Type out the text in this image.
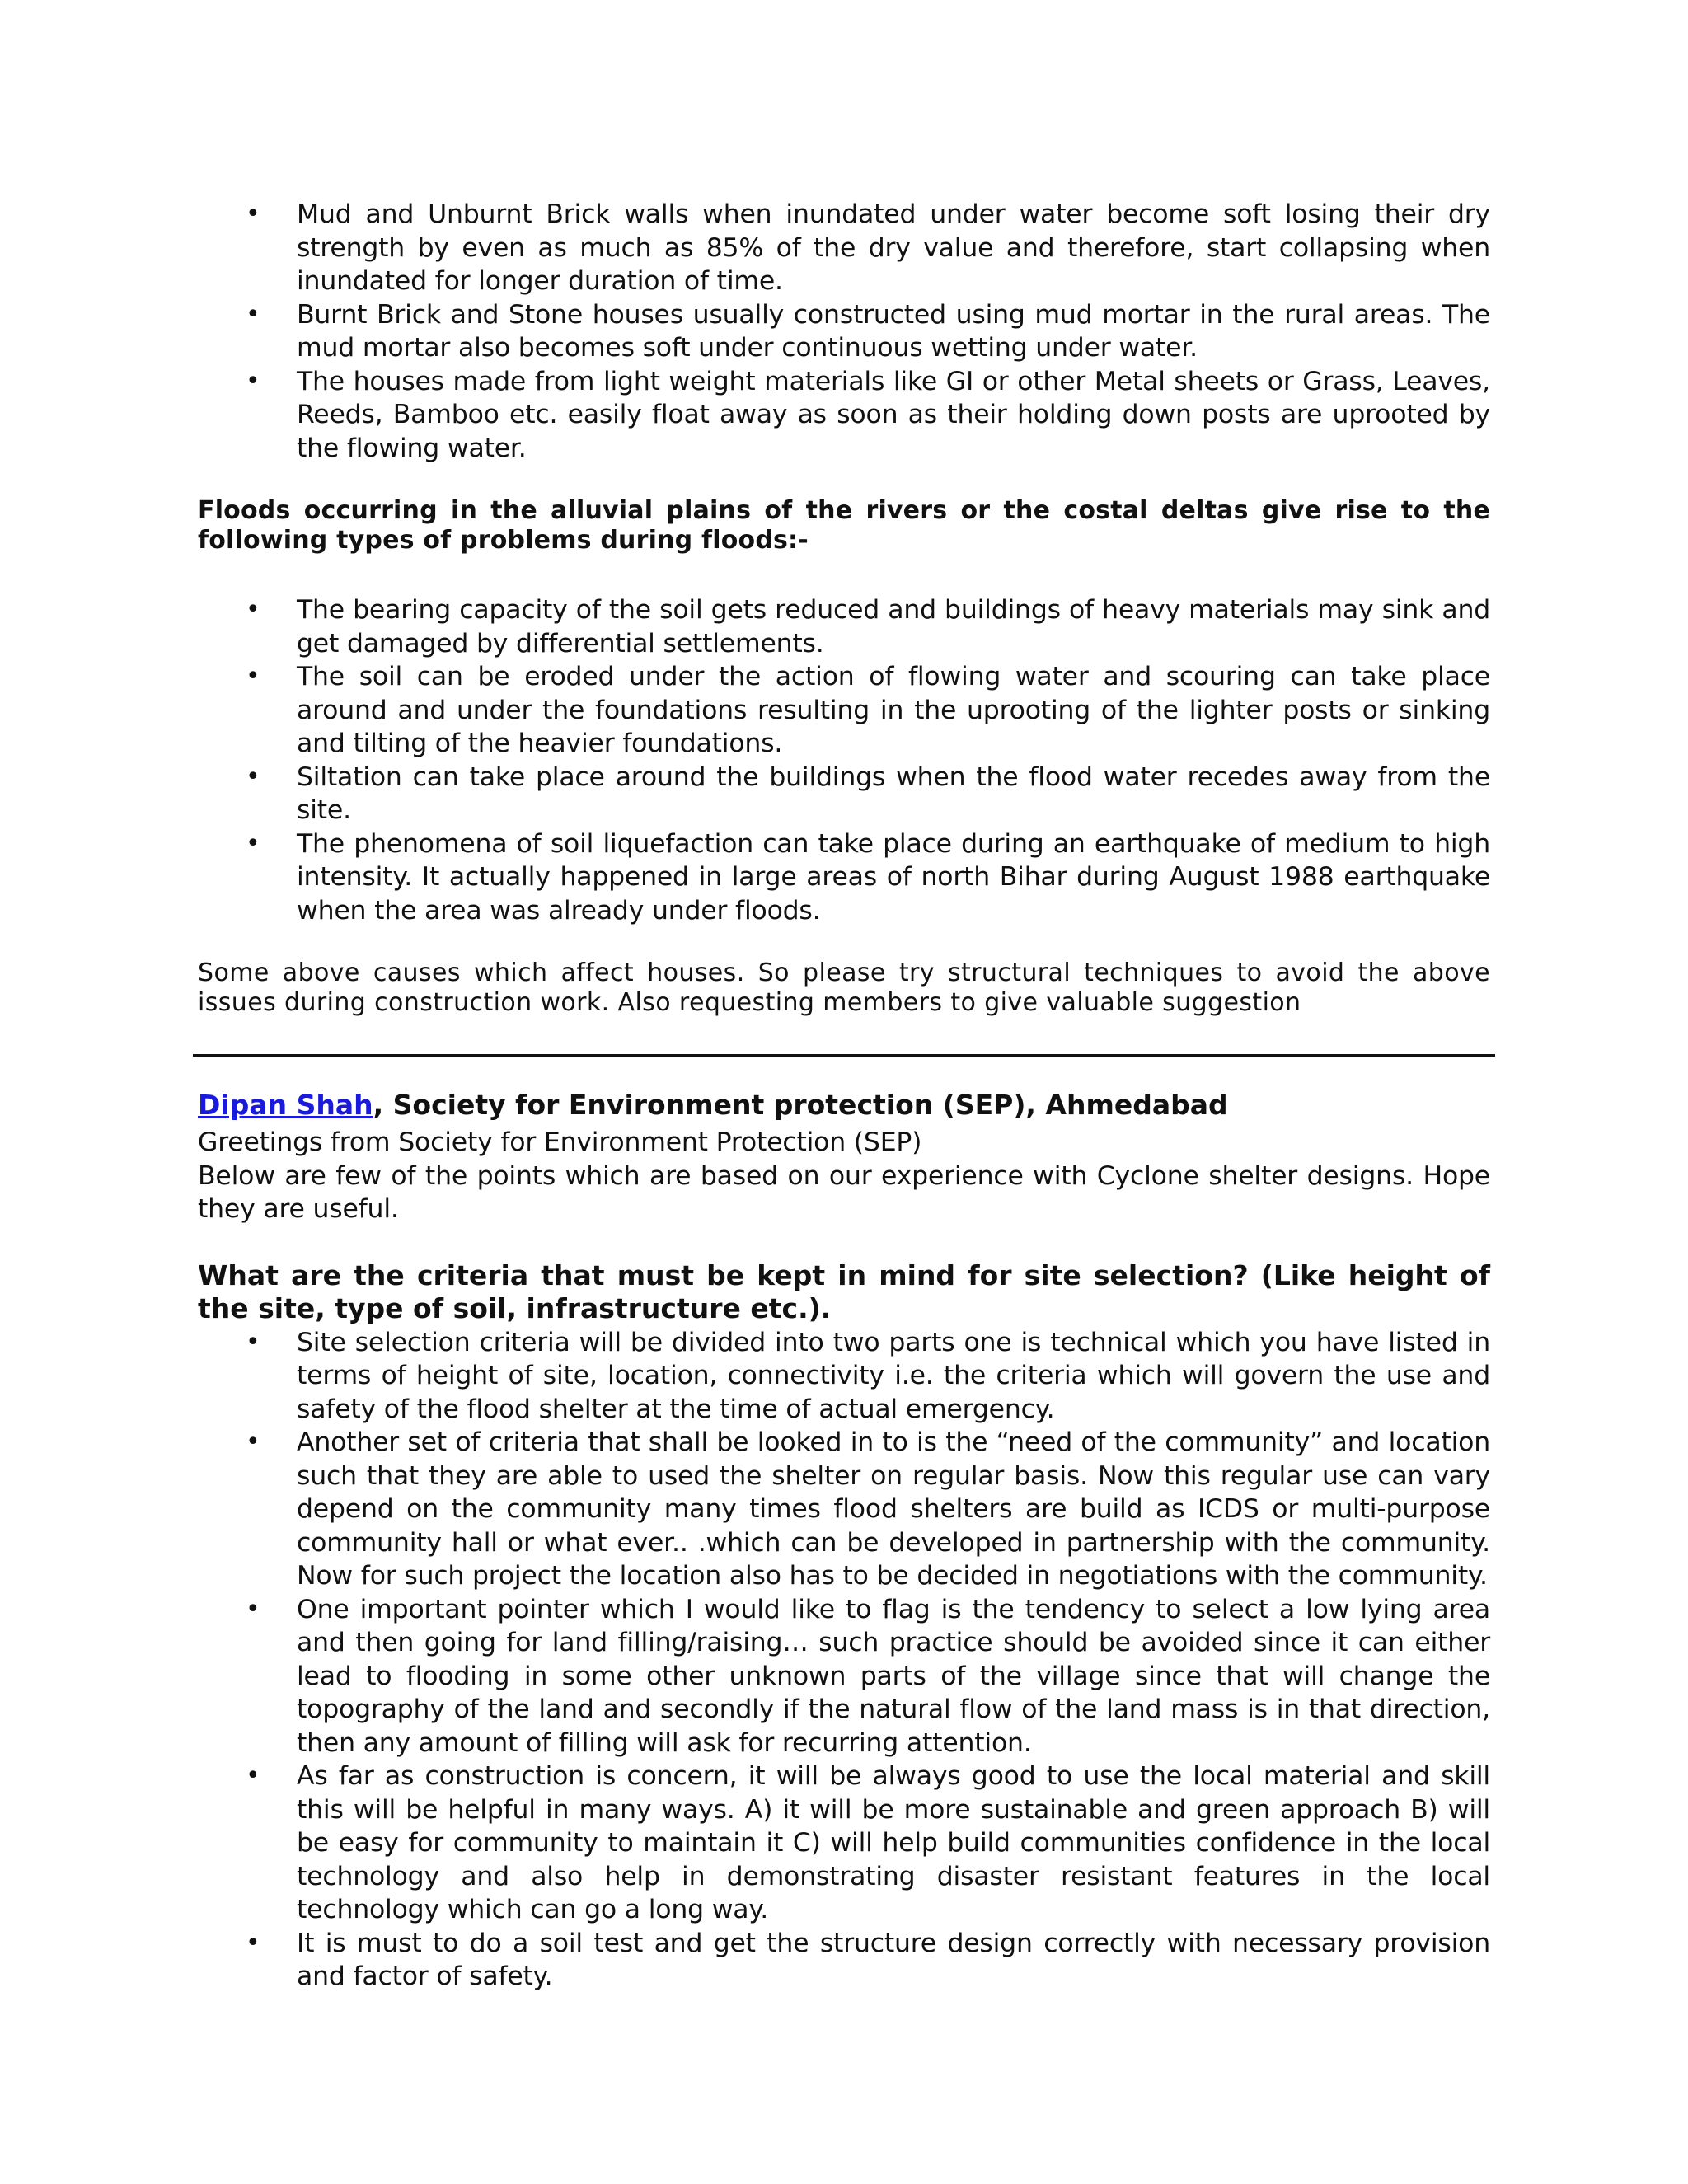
• Mud and Unburnt Brick walls when inundated under water become soft losing their dry strength by even as much as 85% of the dry value and therefore, start collapsing when inundated for longer duration of time.
• Burnt Brick and Stone houses usually constructed using mud mortar in the rural areas. The mud mortar also becomes soft under continuous wetting under water.
• The houses made from light weight materials like GI or other Metal sheets or Grass, Leaves, Reeds, Bamboo etc. easily float away as soon as their holding down posts are uprooted by the flowing water.
Floods occurring in the alluvial plains of the rivers or the costal deltas give rise to the following types of problems during floods:-
• The bearing capacity of the soil gets reduced and buildings of heavy materials may sink and get damaged by differential settlements.
• The soil can be eroded under the action of flowing water and scouring can take place around and under the foundations resulting in the uprooting of the lighter posts or sinking and tilting of the heavier foundations.
• Siltation can take place around the buildings when the flood water recedes away from the site.
• The phenomena of soil liquefaction can take place during an earthquake of medium to high intensity. It actually happened in large areas of north Bihar during August 1988 earthquake when the area was already under floods.
Some above causes which affect houses. So please try structural techniques to avoid the above issues during construction work. Also requesting members to give valuable suggestion
Dipan Shah, Society for Environment protection (SEP), Ahmedabad
Greetings from Society for Environment Protection (SEP)
Below are few of the points which are based on our experience with Cyclone shelter designs. Hope they are useful.
What are the criteria that must be kept in mind for site selection? (Like height of the site, type of soil, infrastructure etc.).
• Site selection criteria will be divided into two parts one is technical which you have listed in terms of height of site, location, connectivity i.e. the criteria which will govern the use and safety of the flood shelter at the time of actual emergency.
• Another set of criteria that shall be looked in to is the “need of the community” and location such that they are able to used the shelter on regular basis. Now this regular use can vary depend on the community many times flood shelters are build as ICDS or multi-purpose community hall or what ever.. .which can be developed in partnership with the community. Now for such project the location also has to be decided in negotiations with the community.
• One important pointer which I would like to flag is the tendency to select a low lying area and then going for land filling/raising… such practice should be avoided since it can either lead to flooding in some other unknown parts of the village since that will change the topography of the land and secondly if the natural flow of the land mass is in that direction, then any amount of filling will ask for recurring attention.
• As far as construction is concern, it will be always good to use the local material and skill this will be helpful in many ways. A) it will be more sustainable and green approach B) will be easy for community to maintain it C) will help build communities confidence in the local technology and also help in demonstrating disaster resistant features in the local technology which can go a long way.
• It is must to do a soil test and get the structure design correctly with necessary provision and factor of safety.
